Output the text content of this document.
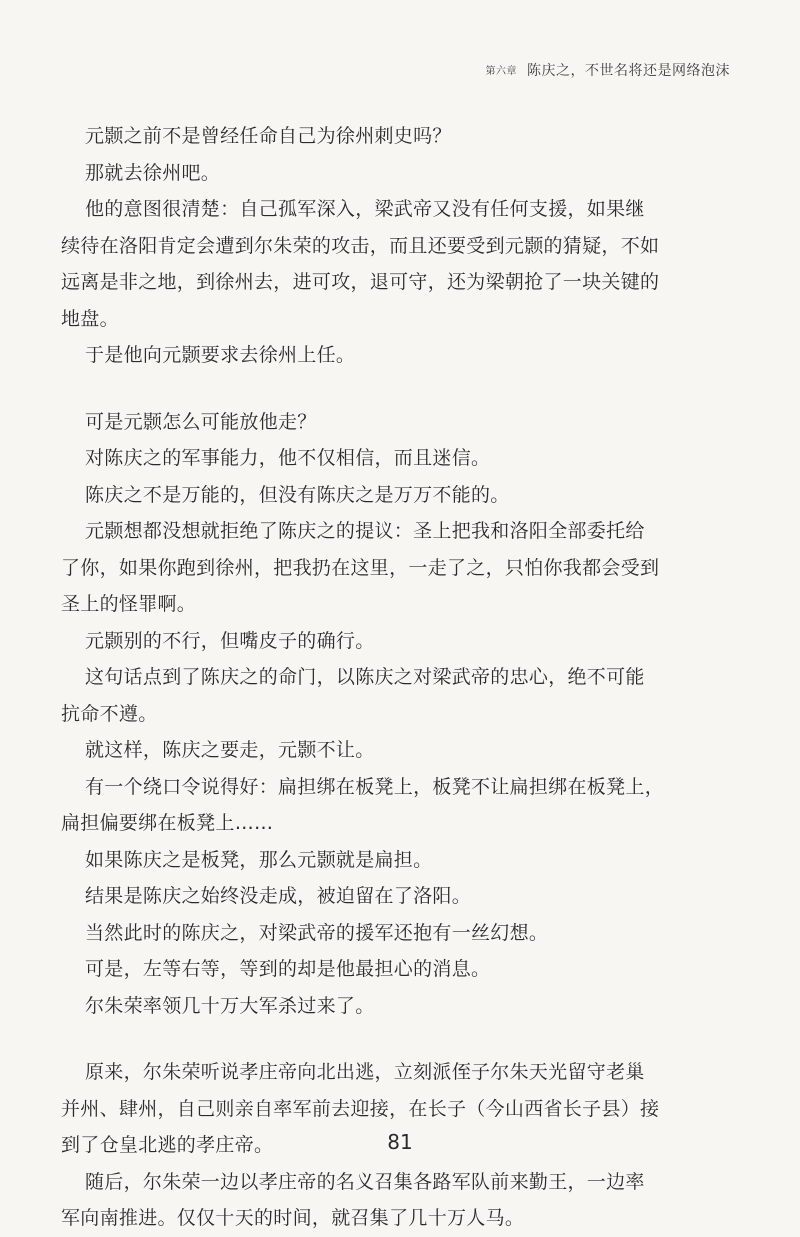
第六章 陈庆之，不世名将还是网络泡沫

元颢之前不是曾经任命自己为徐州刺史吗？

那就去徐州吧。

他的意图很清楚：自己孤军深入，梁武帝又没有任何支援，如果继

续待在洛阳肯定会遭到尔朱荣的攻击，而且还要受到元颢的猜疑，不如

远离是非之地，到徐州去，进可攻，退可守，还为梁朝抢了一块关键的

地盘。

于是他向元颢要求去徐州上任。

可是元颢怎么可能放他走？

对陈庆之的军事能力，他不仅相信，而且迷信。

陈庆之不是万能的，但没有陈庆之是万万不能的。

元颢想都没想就拒绝了陈庆之的提议：圣上把我和洛阳全部委托给

了你，如果你跑到徐州，把我扔在这里，一走了之，只怕你我都会受到

圣上的怪罪啊。

元颢别的不行，但嘴皮子的确行。

这句话点到了陈庆之的命门，以陈庆之对梁武帝的忠心，绝不可能

抗命不遵。

就这样，陈庆之要走，元颢不让。

有一个绕口令说得好：扁担绑在板凳上，板凳不让扁担绑在板凳上，

扁担偏要绑在板凳上……

如果陈庆之是板凳，那么元颢就是扁担。

结果是陈庆之始终没走成，被迫留在了洛阳。

当然此时的陈庆之，对梁武帝的援军还抱有一丝幻想。

可是，左等右等，等到的却是他最担心的消息。

尔朱荣率领几十万大军杀过来了。

原来，尔朱荣听说孝庄帝向北出逃，立刻派侄子尔朱天光留守老巢

并州、肆州，自己则亲自率军前去迎接，在长子（今山西省长子县）接

到了仓皇北逃的孝庄帝。

随后，尔朱荣一边以孝庄帝的名义召集各路军队前来勤王，一边率

军向南推进。仅仅十天的时间，就召集了几十万人马。

81
